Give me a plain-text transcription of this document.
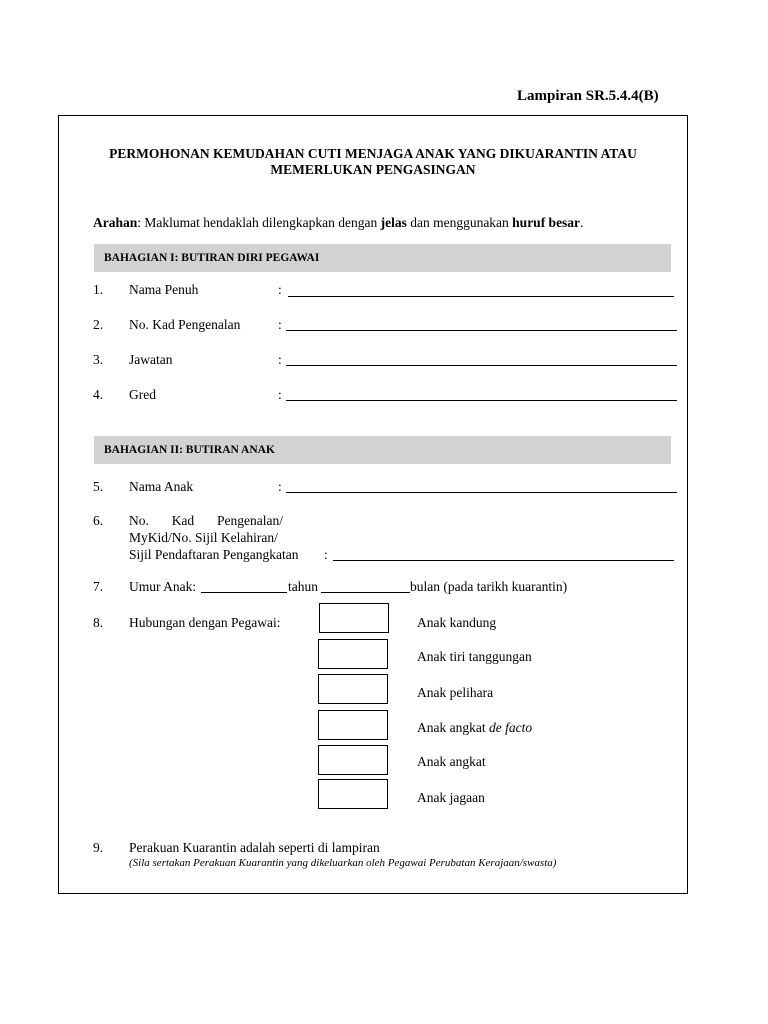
Lampiran SR.5.4.4(B)
PERMOHONAN KEMUDAHAN CUTI MENJAGA ANAK YANG DIKUARANTIN ATAU
MEMERLUKAN PENGASINGAN
Arahan: Maklumat hendaklah dilengkapkan dengan jelas dan menggunakan huruf besar.
BAHAGIAN I: BUTIRAN DIRI PEGAWAI
1. Nama Penuh	:
2. No. Kad Pengenalan	:
3. Jawatan	:
4. Gred	:
BAHAGIAN II: BUTIRAN ANAK
5. Nama Anak	:
6. No. Kad Pengenalan/
MyKid/No. Sijil Kelahiran/
Sijil Pendaftaran Pengangkatan :
7. Umur Anak:	tahun	bulan (pada tarikh kuarantin)
8. Hubungan dengan Pegawai:	Anak kandung
Anak tiri tanggungan
Anak pelihara
Anak angkat de facto
Anak angkat
Anak jagaan
9. Perakuan Kuarantin adalah seperti di lampiran
(Sila sertakan Perakuan Kuarantin yang dikeluarkan oleh Pegawai Perubatan Kerajaan/swasta)
